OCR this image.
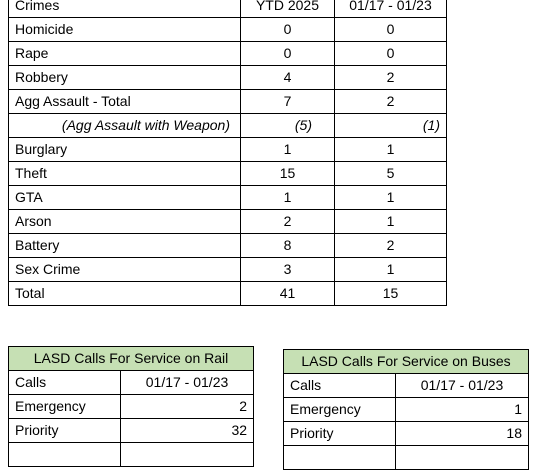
Crimes	YTD 2025	01/17 - 01/23
Homicide	0	0
Rape	0	0
Robbery	4	2
Agg Assault - Total	7	2
(Agg Assault with Weapon)	(5)	(1)
Burglary	1	1
Theft	15	5
GTA	1	1
Arson	2	1
Battery	8	2
Sex Crime	3	1
Total	41	15
LASD Calls For Service on Rail	
Calls	01/17 - 01/23
Emergency	2
Priority	32

LASD Calls For Service on Buses	
Calls	01/17 - 01/23
Emergency	1
Priority	18
